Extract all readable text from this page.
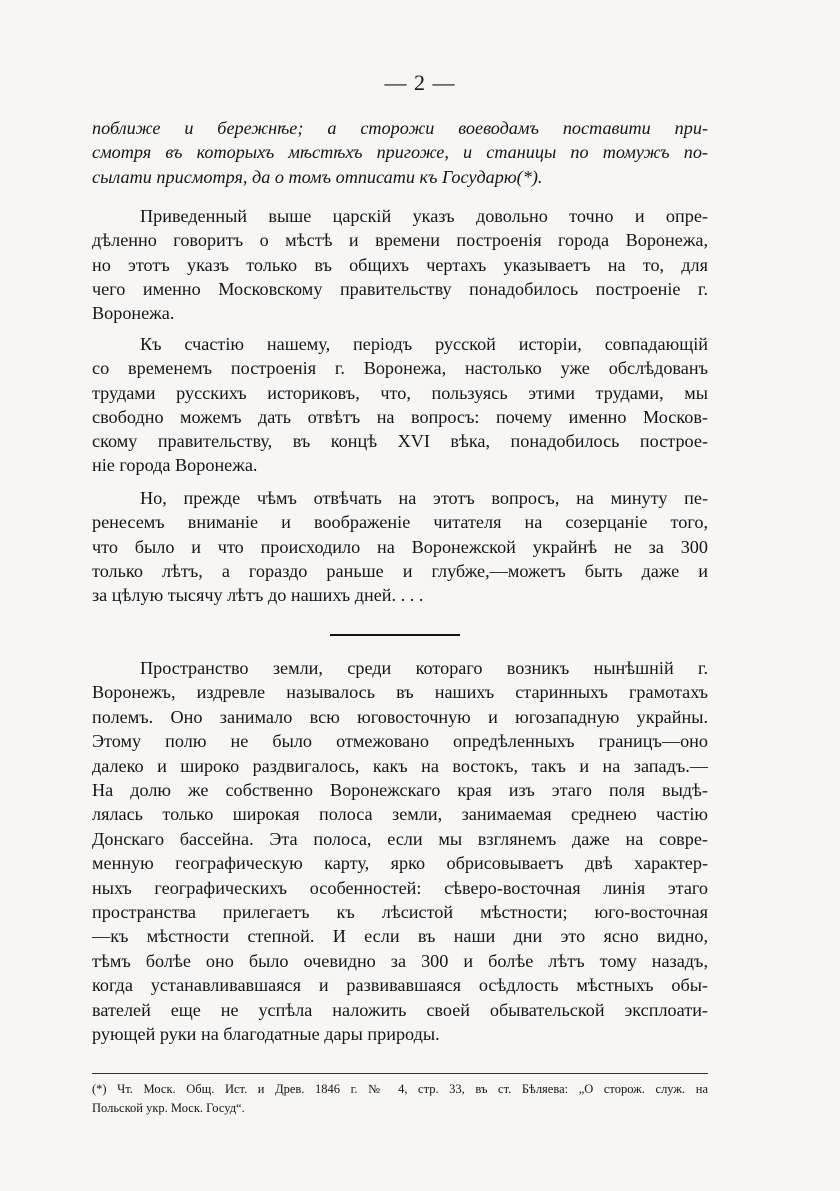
— 2 —
поближе и бережнѣе; а сторожи воеводамъ поставити при-
смотря въ которыхъ мѣстѣхъ пригоже, и станицы по томужъ по-
сылати присмотря, да о томъ отписати къ Государю(*).
Приведенный выше царскій указъ довольно точно и опре-
дѣленно говоритъ о мѣстѣ и времени построенія города Воронежа,
но этотъ указъ только въ общихъ чертахъ указываетъ на то, для
чего именно Московскому правительству понадобилось построеніе г.
Воронежа.
Къ счастію нашему, періодъ русской исторіи, совпадающій
со временемъ построенія г. Воронежа, настолько уже обслѣдованъ
трудами русскихъ историковъ, что, пользуясь этими трудами, мы
свободно можемъ дать отвѣтъ на вопросъ: почему именно Москов-
скому правительству, въ концѣ XVI вѣка, понадобилось построе-
ніе города Воронежа.
Но, прежде чѣмъ отвѣчать на этотъ вопросъ, на минуту пе-
ренесемъ вниманіе и воображеніе читателя на созерцаніе того,
что было и что происходило на Воронежской украйнѣ не за 300
только лѣтъ, а гораздо раньше и глубже,—можетъ быть даже и
за цѣлую тысячу лѣтъ до нашихъ дней. . . .
Пространство земли, среди котораго возникъ нынѣшній г.
Воронежъ, издревле называлось въ нашихъ старинныхъ грамотахъ
полемъ. Оно занимало всю юговосточную и югозападную украйны.
Этому полю не было отмежовано опредѣленныхъ границъ—оно
далеко и широко раздвигалось, какъ на востокъ, такъ и на западъ.—
На долю же собственно Воронежскаго края изъ этаго поля выдѣ-
лялась только широкая полоса земли, занимаемая среднею частію
Донскаго бассейна. Эта полоса, если мы взглянемъ даже на совре-
менную географическую карту, ярко обрисовываетъ двѣ характер-
ныхъ географическихъ особенностей: сѣверо-восточная линія этаго
пространства прилегаетъ къ лѣсистой мѣстности; юго-восточная
—къ мѣстности степной. И если въ наши дни это ясно видно,
тѣмъ болѣе оно было очевидно за 300 и болѣе лѣтъ тому назадъ,
когда устанавливавшаяся и развивавшаяся осѣдлость мѣстныхъ обы-
вателей еще не успѣла наложить своей обывательской эксплоати-
рующей руки на благодатные дары природы.
(*) Чт. Моск. Общ. Ист. и Древ. 1846 г. № 4, стр. 33, въ ст. Бѣляева: „О сторож. служ. на
Польской укр. Моск. Госуд“.
